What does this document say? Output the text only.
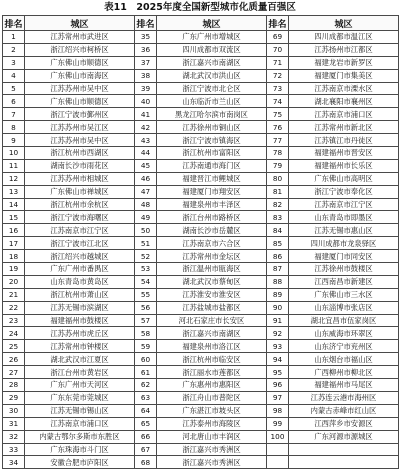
表11　2025年度全国新型城市化质量百强区
排名	城区	排名	城区	排名	城区
1	江苏常州市武进区	35	广东广州市增城区	69	四川成都市温江区
2	浙江绍兴市柯桥区	36	四川成都市双流区	70	江苏扬州市江都区
3	广东佛山市顺德区	37	浙江嘉兴市南湖区	71	福建龙岩市新罗区
4	广东佛山市南海区	38	湖北武汉市洪山区	72	福建厦门市集美区
5	江苏苏州市吴中区	39	浙江宁波市北仑区	73	江苏南京市溧水区
6	广东佛山市顺德区	40	山东临沂市兰山区	74	湖北襄阳市襄州区
7	浙江宁波市鄞州区	41	黑龙江哈尔滨市南岗区	75	江苏南京市浦口区
8	江苏苏州市吴江区	42	江苏徐州市铜山区	76	江苏常州市新北区
9	江苏苏州市吴中区	43	浙江宁波市镇海区	77	江苏镇江市丹徒区
10	浙江杭州市西湖区	44	浙江杭州市富阳区	78	福建福州市晋安区
11	湖南长沙市雨花区	45	江苏南通市海门区	79	福建福州市长乐区
12	江苏苏州市相城区	46	福建晋江市鲤城区	80	广东佛山市高明区
13	广东佛山市禅城区	47	福建厦门市翔安区	81	浙江宁波市奉化区
14	浙江杭州市余杭区	48	福建泉州市丰泽区	82	江苏南京市江宁区
15	浙江宁波市海曙区	49	浙江台州市路桥区	83	山东青岛市即墨区
16	江苏南京市江宁区	50	湖南长沙市岳麓区	84	江苏无锡市惠山区
17	浙江宁波市江北区	51	江苏南京市六合区	85	四川成都市龙泉驿区
18	浙江绍兴市越城区	52	江苏常州市金坛区	86	福建厦门市同安区
19	广东广州市番禺区	53	浙江温州市瓯海区	87	江苏徐州市鼓楼区
20	山东青岛市黄岛区	54	湖北武汉市蔡甸区	88	江西南昌市新建区
21	浙江杭州市萧山区	55	江苏淮安市淮安区	89	广东佛山市三水区
22	江苏无锡市滨湖区	56	江苏盐城市盐都区	90	山东淄博市张店区
23	福建福州市鼓楼区	57	河北石家庄市长安区	91	湖北宜昌市伍家岗区
24	江苏苏州市虎丘区	58	浙江嘉兴市南湖区	92	山东威海市环翠区
25	江苏常州市钟楼区	59	福建泉州市洛江区	93	山东济宁市兖州区
26	湖北武汉市江夏区	60	浙江杭州市临安区	94	山东烟台市福山区
27	浙江台州市黄岩区	61	浙江丽水市莲都区	95	广西柳州市柳北区
28	广东广州市天河区	62	广东惠州市惠阳区	96	福建福州市马尾区
29	广东东莞市莞城区	63	浙江舟山市普陀区	97	江苏连云港市海州区
30	江苏无锡市锡山区	64	广东湛江市坡头区	98	内蒙古赤峰市红山区
31	江苏南京市浦口区	65	江苏泰州市海陵区	99	江西萍乡市安源区
32	内蒙古鄂尔多斯市东胜区	66	河北唐山市丰润区	100	广东河源市源城区
33	广东珠海市斗门区	67	浙江嘉兴市秀洲区		
34	安徽合肥市庐阳区	68	浙江嘉兴市秀洲区		
